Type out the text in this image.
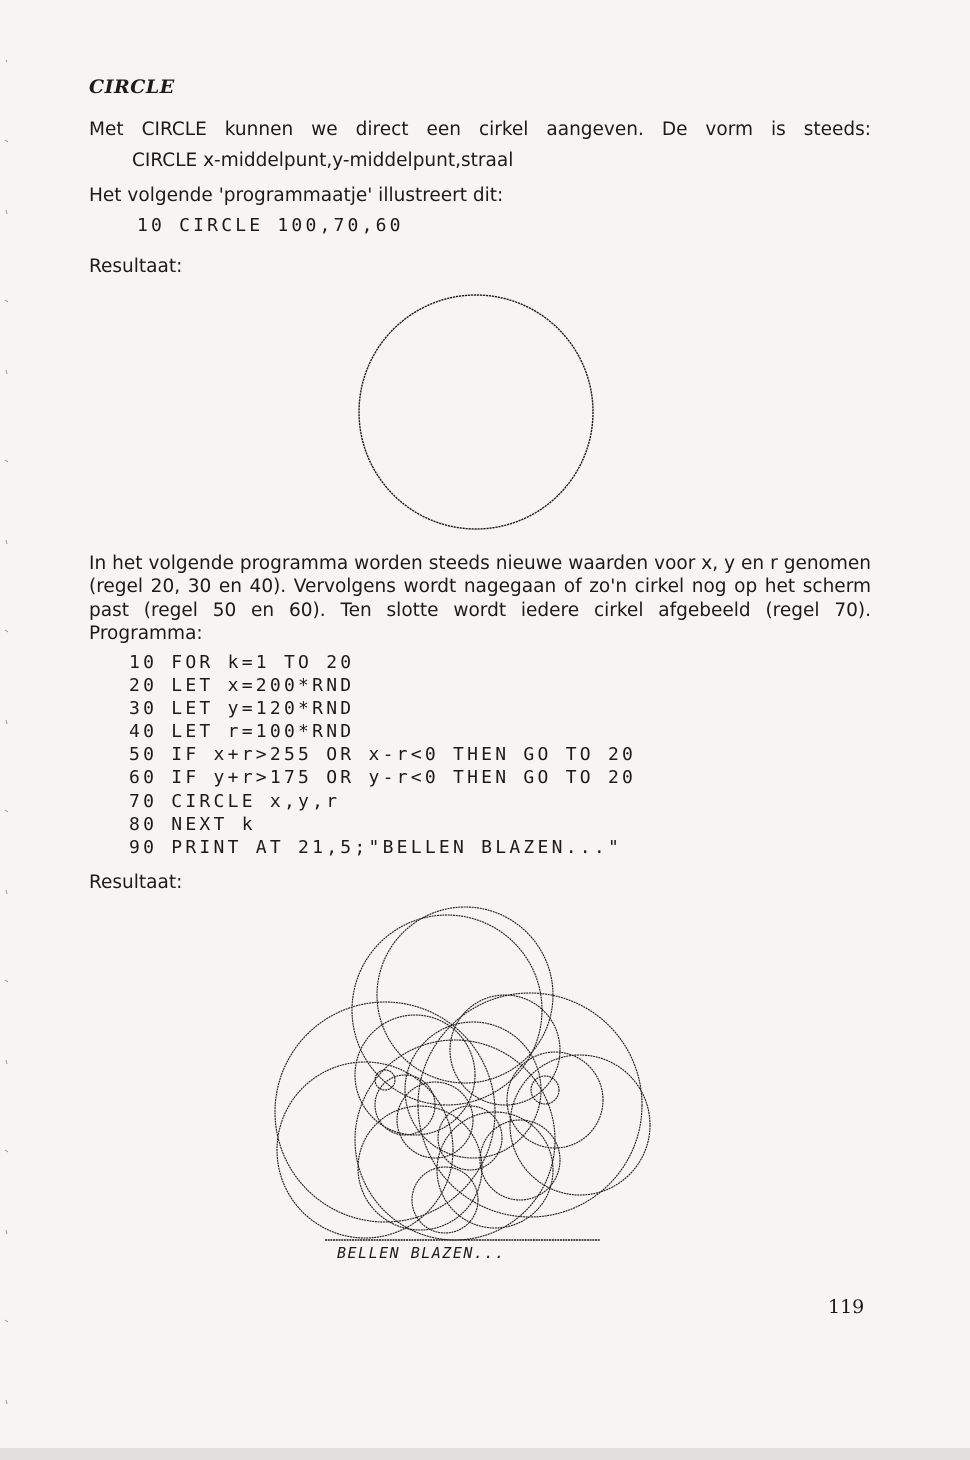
CIRCLE

Met CIRCLE kunnen we direct een cirkel aangeven. De vorm is steeds:

CIRCLE x-middelpunt,y-middelpunt,straal

Het volgende 'programmaatje' illustreert dit:

10 CIRCLE 100,70,60

Resultaat:

In het volgende programma worden steeds nieuwe waarden voor x, y en r genomen (regel 20, 30 en 40). Vervolgens wordt nagegaan of zo'n cirkel nog op het scherm past (regel 50 en 60). Ten slotte wordt iedere cirkel afgebeeld (regel 70). Programma:

10 FOR k=1 TO 20
20 LET x=200*RND
30 LET y=120*RND
40 LET r=100*RND
50 IF x+r>255 OR x-r<0 THEN GO TO 20
60 IF y+r>175 OR y-r<0 THEN GO TO 20
70 CIRCLE x,y,r
80 NEXT k
90 PRINT AT 21,5;"BELLEN BLAZEN..."

Resultaat:

BELLEN BLAZEN...
119
